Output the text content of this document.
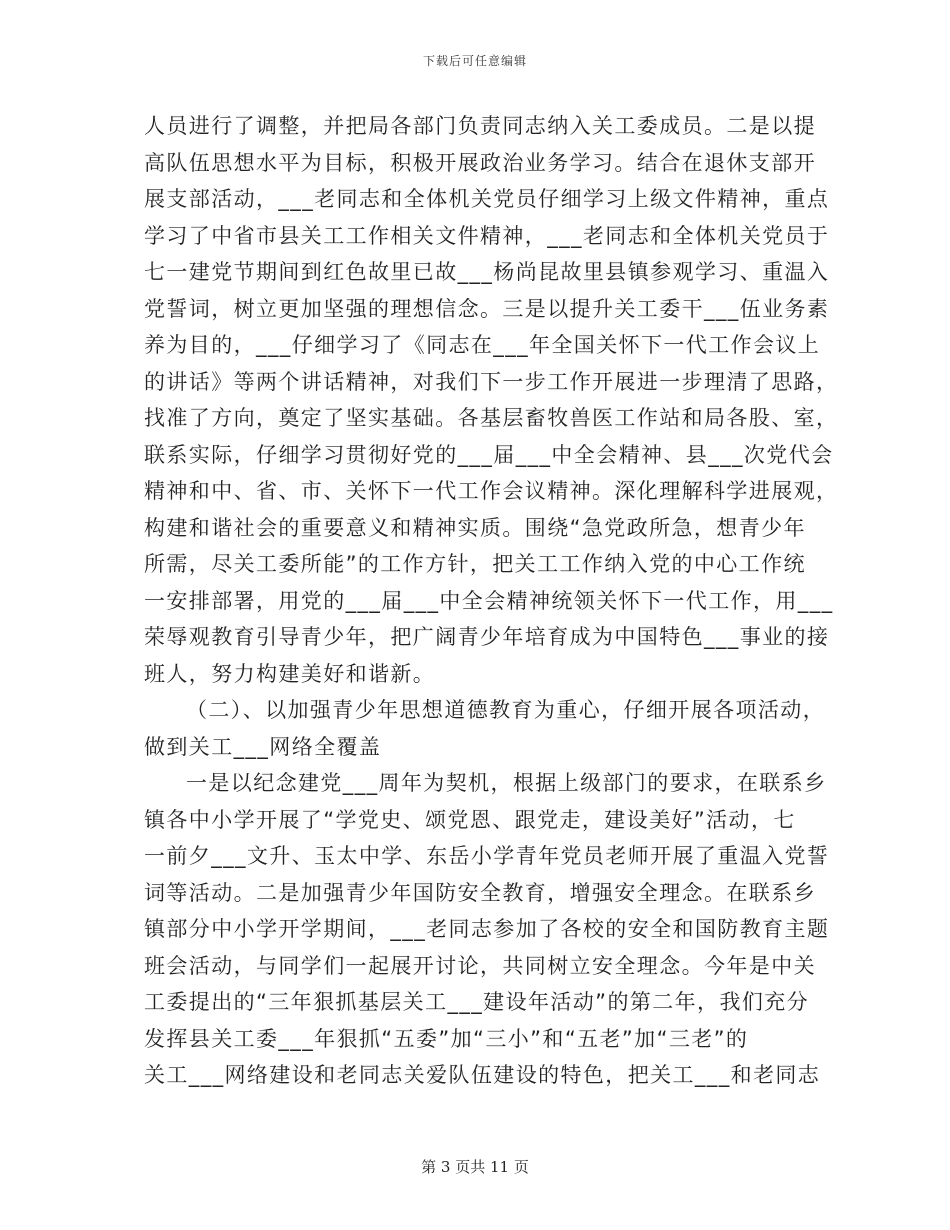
下载后可任意编辑
人员进行了调整，并把局各部门负责同志纳入关工委成员。二是以提
高队伍思想水平为目标，积极开展政治业务学习。结合在退休支部开
展支部活动，___老同志和全体机关党员仔细学习上级文件精神，重点
学习了中省市县关工工作相关文件精神，___老同志和全体机关党员于
七一建党节期间到红色故里已故___杨尚昆故里县镇参观学习、重温入
党誓词，树立更加坚强的理想信念。三是以提升关工委干___伍业务素
养为目的，___仔细学习了《同志在___年全国关怀下一代工作会议上
的讲话》等两个讲话精神，对我们下一步工作开展进一步理清了思路，
找准了方向，奠定了坚实基础。各基层畜牧兽医工作站和局各股、室，
联系实际，仔细学习贯彻好党的___届___中全会精神、县___次党代会
精神和中、省、市、关怀下一代工作会议精神。深化理解科学进展观，
构建和谐社会的重要意义和精神实质。围绕“急党政所急，想青少年
所需，尽关工委所能”的工作方针，把关工工作纳入党的中心工作统
一安排部署，用党的___届___中全会精神统领关怀下一代工作，用___
荣辱观教育引导青少年，把广阔青少年培育成为中国特色___事业的接
班人，努力构建美好和谐新。
（二）、以加强青少年思想道德教育为重心，仔细开展各项活动，
做到关工___网络全覆盖
一是以纪念建党___周年为契机，根据上级部门的要求，在联系乡
镇各中小学开展了“学党史、颂党恩、跟党走，建设美好”活动，七
一前夕___文升、玉太中学、东岳小学青年党员老师开展了重温入党誓
词等活动。二是加强青少年国防安全教育，增强安全理念。在联系乡
镇部分中小学开学期间，___老同志参加了各校的安全和国防教育主题
班会活动，与同学们一起展开讨论，共同树立安全理念。今年是中关
工委提出的“三年狠抓基层关工___建设年活动”的第二年，我们充分
发挥县关工委___年狠抓“五委”加“三小”和“五老”加“三老”的
关工___网络建设和老同志关爱队伍建设的特色，把关工___和老同志
第 3 页共 11 页
